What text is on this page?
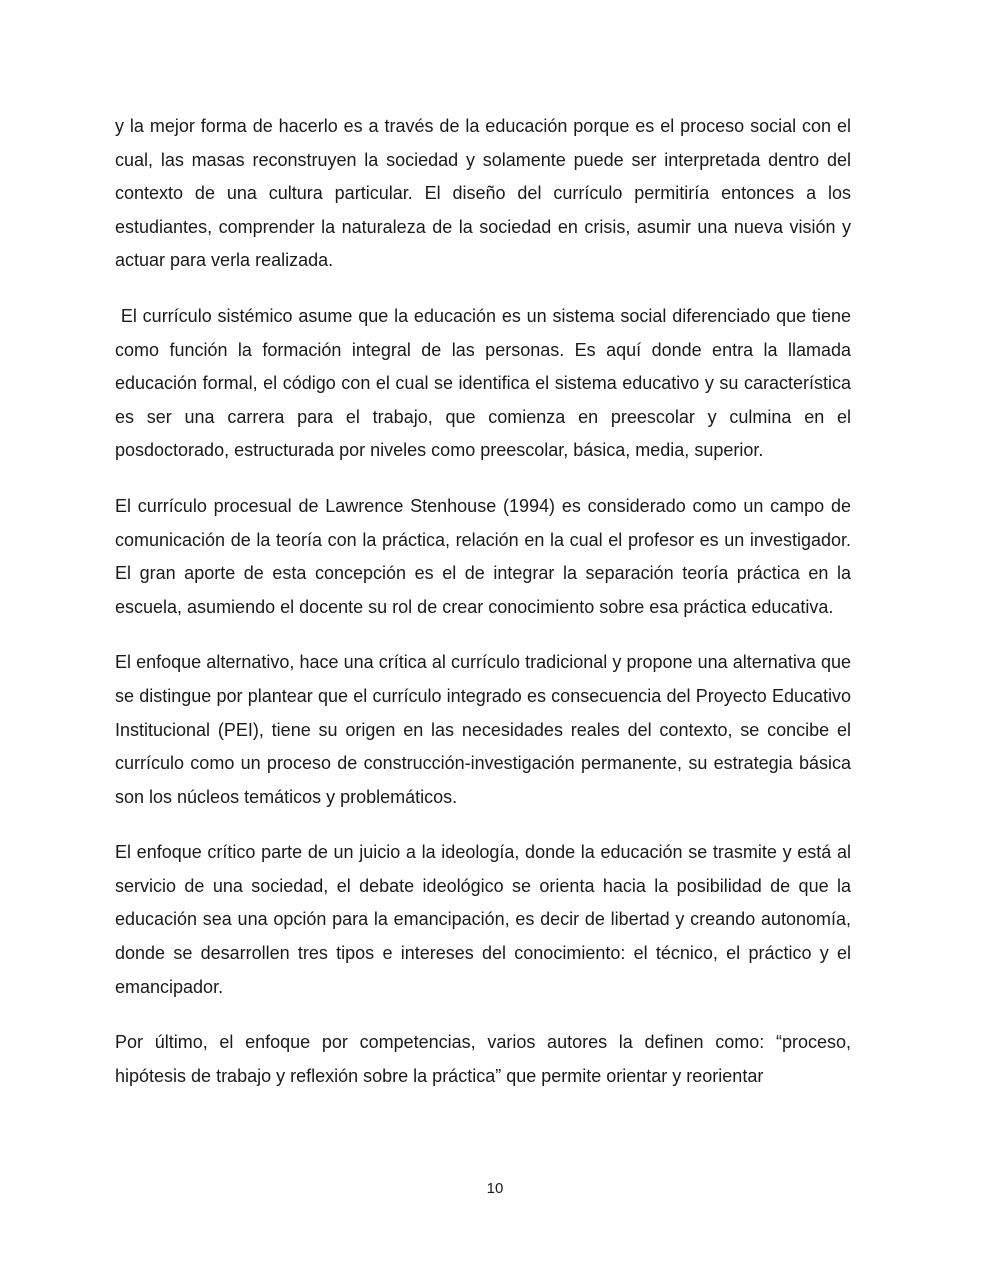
y la mejor forma de hacerlo es a través de la educación porque es el proceso social con el cual, las masas reconstruyen la sociedad y solamente puede ser interpretada dentro del contexto de una cultura particular. El diseño del currículo permitiría entonces a los estudiantes, comprender la naturaleza de la sociedad en crisis, asumir una nueva visión y actuar para verla realizada.

El currículo sistémico asume que la educación es un sistema social diferenciado que tiene como función la formación integral de las personas. Es aquí donde entra la llamada educación formal, el código con el cual se identifica el sistema educativo y su característica es ser una carrera para el trabajo, que comienza en preescolar y culmina en el posdoctorado, estructurada por niveles como preescolar, básica, media, superior.

El currículo procesual de Lawrence Stenhouse (1994) es considerado como un campo de comunicación de la teoría con la práctica, relación en la cual el profesor es un investigador. El gran aporte de esta concepción es el de integrar la separación teoría práctica en la escuela, asumiendo el docente su rol de crear conocimiento sobre esa práctica educativa.

El enfoque alternativo, hace una crítica al currículo tradicional y propone una alternativa que se distingue por plantear que el currículo integrado es consecuencia del Proyecto Educativo Institucional (PEI), tiene su origen en las necesidades reales del contexto, se concibe el currículo como un proceso de construcción-investigación permanente, su estrategia básica son los núcleos temáticos y problemáticos.

El enfoque crítico parte de un juicio a la ideología, donde la educación se trasmite y está al servicio de una sociedad, el debate ideológico se orienta hacia la posibilidad de que la educación sea una opción para la emancipación, es decir de libertad y creando autonomía, donde se desarrollen tres tipos e intereses del conocimiento: el técnico, el práctico y el emancipador.

Por último, el enfoque por competencias, varios autores la definen como: “proceso, hipótesis de trabajo y reflexión sobre la práctica” que permite orientar y reorientar

10
